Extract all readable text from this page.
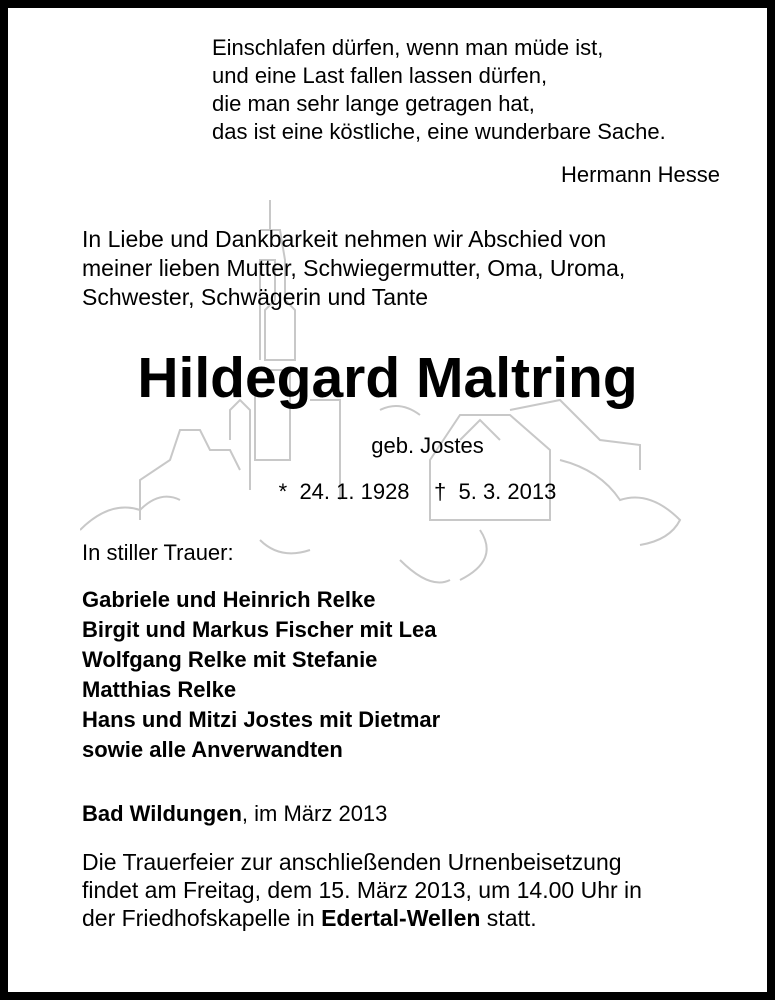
Einschlafen dürfen, wenn man müde ist,
und eine Last fallen lassen dürfen,
die man sehr lange getragen hat,
das ist eine köstliche, eine wunderbare Sache.
Hermann Hesse
In Liebe und Dankbarkeit nehmen wir Abschied von
meiner lieben Mutter, Schwiegermutter, Oma, Uroma,
Schwester, Schwägerin und Tante
Hildegard Maltring
geb. Jostes
* 24. 1. 1928 † 5. 3. 2013
In stiller Trauer:
Gabriele und Heinrich Relke
Birgit und Markus Fischer mit Lea
Wolfgang Relke mit Stefanie
Matthias Relke
Hans und Mitzi Jostes mit Dietmar
sowie alle Anverwandten
Bad Wildungen, im März 2013
Die Trauerfeier zur anschließenden Urnenbeisetzung
findet am Freitag, dem 15. März 2013, um 14.00 Uhr in
der Friedhofskapelle in Edertal-Wellen statt.
